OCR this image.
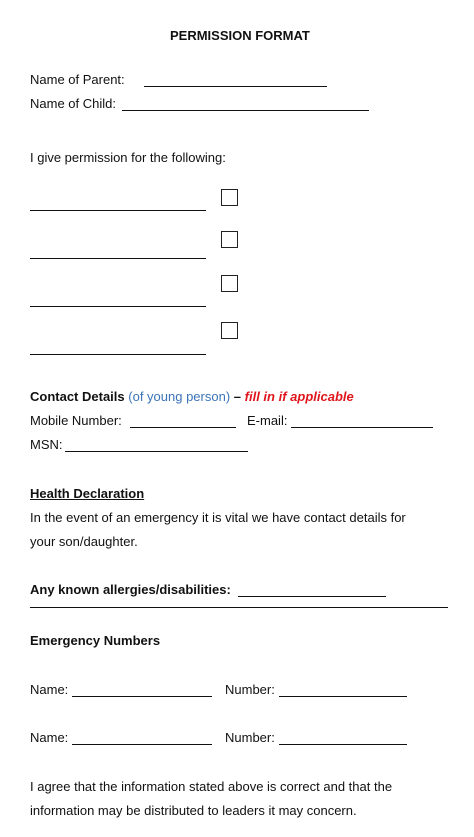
PERMISSION FORMAT
Name of Parent:
Name of Child:
I give permission for the following:
Contact Details (of young person) – fill in if applicable
Mobile Number:	E-mail:
MSN:
Health Declaration
In the event of an emergency it is vital we have contact details for
your son/daughter.
Any known allergies/disabilities:
Emergency Numbers
Name:	Number:
Name:	Number:
I agree that the information stated above is correct and that the
information may be distributed to leaders it may concern.
